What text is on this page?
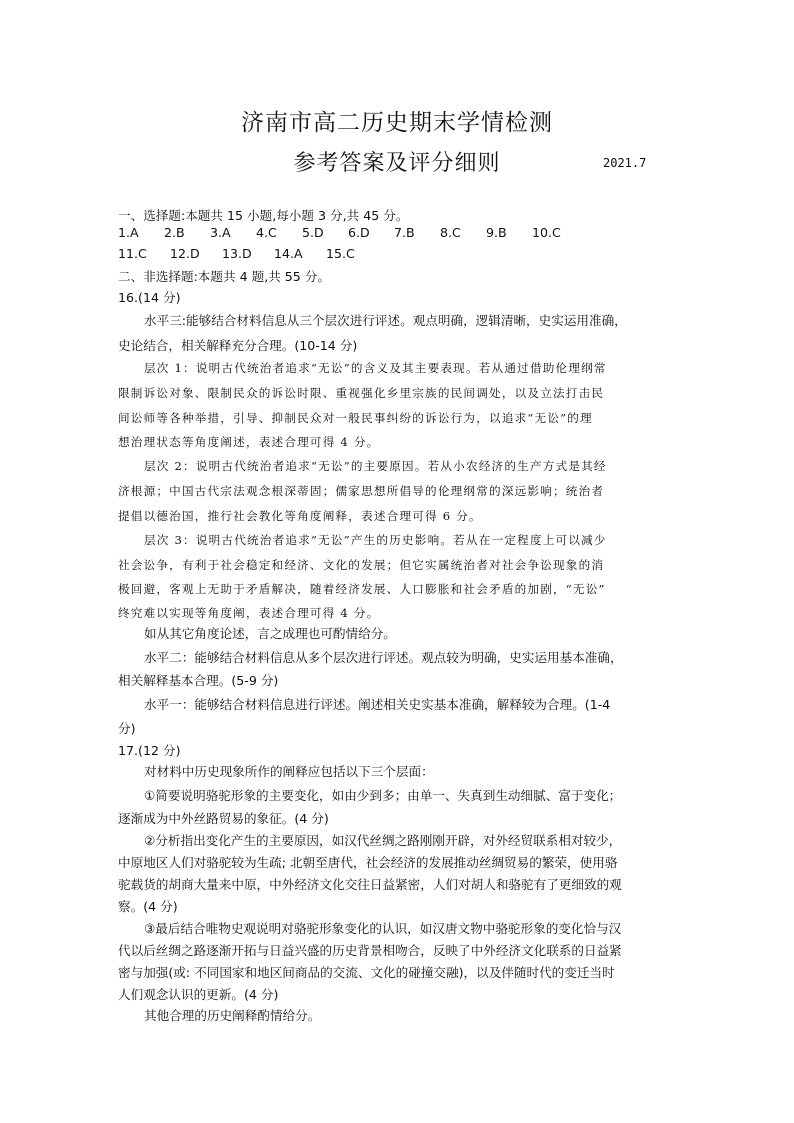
济南市高二历史期末学情检测
参考答案及评分细则	2021.7
一、选择题:本题共 15 小题,每小题 3 分,共 45 分。
1.A	2.B	3.A	4.C	5.D	6.D	7.B	8.C	9.B	10.C
11.C	12.D	13.D	14.A	15.C
二、非选择题:本题共 4 题,共 55 分。
16.(14 分)
水平三:能够结合材料信息从三个层次进行评述。观点明确，逻辑清晰，史实运用准确，
史论结合，相关解释充分合理。(10-14 分)
层次 1：说明古代统治者追求“无讼”的含义及其主要表现。若从通过借助伦理纲常
限制诉讼对象、限制民众的诉讼时限、重视强化乡里宗族的民间调处，以及立法打击民
间讼师等各种举措，引导、抑制民众对一般民事纠纷的诉讼行为，以追求“无讼”的理
想治理状态等角度阐述，表述合理可得 4 分。
层次 2：说明古代统治者追求“无讼”的主要原因。若从小农经济的生产方式是其经
济根源；中国古代宗法观念根深蒂固；儒家思想所倡导的伦理纲常的深远影响；统治者
提倡以德治国，推行社会教化等角度阐释，表述合理可得 6 分。
层次 3：说明古代统治者追求“无讼”产生的历史影响。若从在一定程度上可以减少
社会讼争，有利于社会稳定和经济、文化的发展；但它实属统治者对社会争讼现象的消
极回避，客观上无助于矛盾解决，随着经济发展、人口膨胀和社会矛盾的加剧，“无讼”
终究难以实现等角度阐，表述合理可得 4 分。
如从其它角度论述，言之成理也可酌情给分。
水平二：能够结合材料信息从多个层次进行评述。观点较为明确，史实运用基本准确，
相关解释基本合理。(5-9 分)
水平一：能够结合材料信息进行评述。阐述相关史实基本准确，解释较为合理。(1-4
分)
17.(12 分)
对材料中历史现象所作的阐释应包括以下三个层面：
①简要说明骆驼形象的主要变化，如由少到多；由单一、失真到生动细腻、富于变化；
逐渐成为中外丝路贸易的象征。(4 分)
②分析指出变化产生的主要原因，如汉代丝绸之路刚刚开辟，对外经贸联系相对较少，
中原地区人们对骆驼较为生疏; 北朝至唐代，社会经济的发展推动丝绸贸易的繁荣，使用骆
驼载货的胡商大量来中原，中外经济文化交往日益紧密，人们对胡人和骆驼有了更细致的观
察。(4 分)
③最后结合唯物史观说明对骆驼形象变化的认识，如汉唐文物中骆驼形象的变化恰与汉
代以后丝绸之路逐渐开拓与日益兴盛的历史背景相吻合，反映了中外经济文化联系的日益紧
密与加强(或: 不同国家和地区间商品的交流、文化的碰撞交融)，以及伴随时代的变迁当时
人们观念认识的更新。(4 分)
其他合理的历史阐释酌情给分。
